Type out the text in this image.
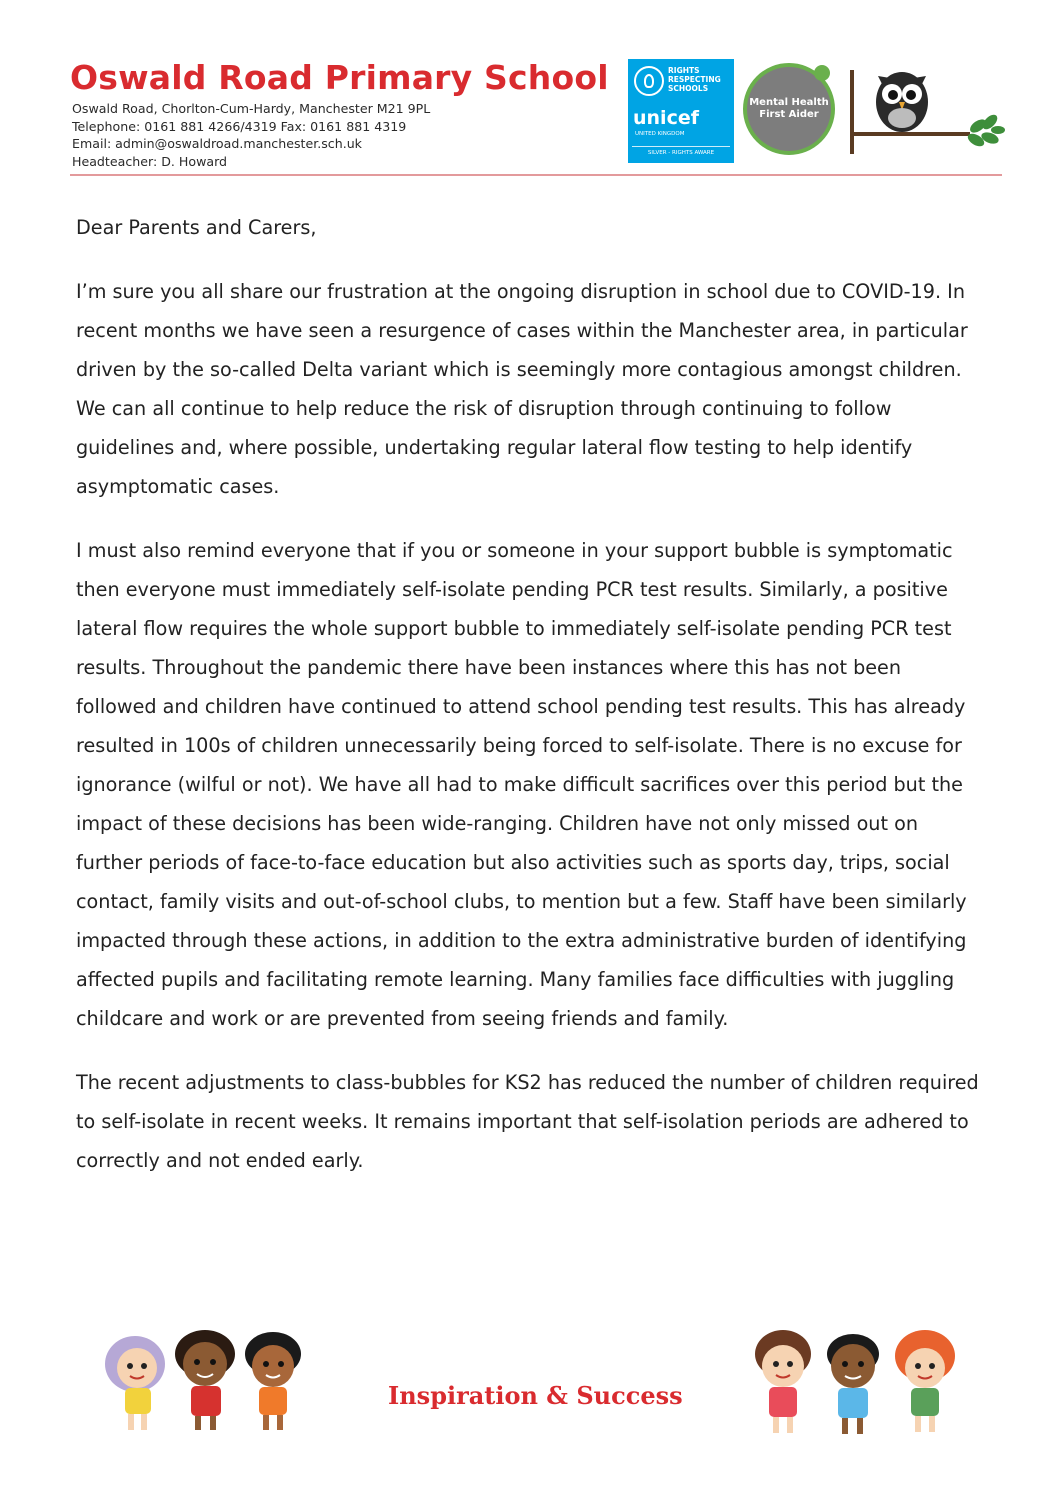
Oswald Road Primary School
Oswald Road, Chorlton-Cum-Hardy, Manchester M21 9PL
Telephone: 0161 881 4266/4319 Fax: 0161 881 4319
Email: admin@oswaldroad.manchester.sch.uk
Headteacher: D. Howard
RIGHTS
RESPECTING
SCHOOLS
unicef
UNITED KINGDOM
SILVER - RIGHTS AWARE
Mental Health
First Aider

Dear Parents and Carers,

I’m sure you all share our frustration at the ongoing disruption in school due to COVID-19. In recent months we have seen a resurgence of cases within the Manchester area, in particular driven by the so-called Delta variant which is seemingly more contagious amongst children. We can all continue to help reduce the risk of disruption through continuing to follow guidelines and, where possible, undertaking regular lateral flow testing to help identify asymptomatic cases.

I must also remind everyone that if you or someone in your support bubble is symptomatic then everyone must immediately self-isolate pending PCR test results. Similarly, a positive lateral flow requires the whole support bubble to immediately self-isolate pending PCR test results. Throughout the pandemic there have been instances where this has not been followed and children have continued to attend school pending test results. This has already resulted in 100s of children unnecessarily being forced to self-isolate. There is no excuse for ignorance (wilful or not). We have all had to make difficult sacrifices over this period but the impact of these decisions has been wide-ranging. Children have not only missed out on further periods of face-to-face education but also activities such as sports day, trips, social contact, family visits and out-of-school clubs, to mention but a few. Staff have been similarly impacted through these actions, in addition to the extra administrative burden of identifying affected pupils and facilitating remote learning. Many families face difficulties with juggling childcare and work or are prevented from seeing friends and family.

The recent adjustments to class-bubbles for KS2 has reduced the number of children required to self-isolate in recent weeks. It remains important that self-isolation periods are adhered to correctly and not ended early.

Inspiration & Success
